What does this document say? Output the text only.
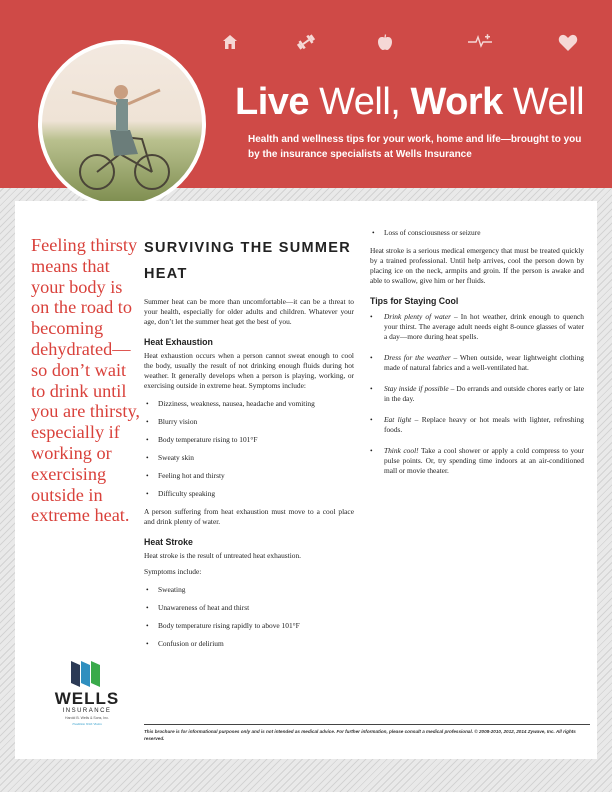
Live Well, Work Well
Health and wellness tips for your work, home and life—brought to you by the insurance specialists at Wells Insurance
Feeling thirsty means that your body is on the road to becoming dehydrated—so don’t wait to drink until you are thirsty, especially if working or exercising outside in extreme heat.
WELLS
INSURANCE
Harold B. Wells & Sons, Inc.
Tradition With Vision
SURVIVING THE SUMMER HEAT

Summer heat can be more than uncomfortable—it can be a threat to your health, especially for older adults and children. Whatever your age, don’t let the summer heat get the best of you.

Heat Exhaustion

Heat exhaustion occurs when a person cannot sweat enough to cool the body, usually the result of not drinking enough fluids during hot weather. It generally develops when a person is playing, working, or exercising outside in extreme heat. Symptoms include:

• Dizziness, weakness, nausea, headache and vomiting
• Blurry vision
• Body temperature rising to 101°F
• Sweaty skin
• Feeling hot and thirsty
• Difficulty speaking

A person suffering from heat exhaustion must move to a cool place and drink plenty of water.

Heat Stroke

Heat stroke is the result of untreated heat exhaustion.

Symptoms include:

• Sweating
• Unawareness of heat and thirst
• Body temperature rising rapidly to above 101°F
• Confusion or delirium
• Loss of consciousness or seizure

Heat stroke is a serious medical emergency that must be treated quickly by a trained professional. Until help arrives, cool the person down by placing ice on the neck, armpits and groin. If the person is awake and able to swallow, give him or her fluids.

Tips for Staying Cool
• Drink plenty of water – In hot weather, drink enough to quench your thirst. The average adult needs eight 8-ounce glasses of water a day—more during heat spells.
• Dress for the weather – When outside, wear lightweight clothing made of natural fabrics and a well-ventilated hat.
• Stay inside if possible – Do errands and outside chores early or late in the day.
• Eat light – Replace heavy or hot meals with lighter, refreshing foods.
• Think cool! Take a cool shower or apply a cold compress to your pulse points. Or, try spending time indoors at an air-conditioned mall or movie theater.
This brochure is for informational purposes only and is not intended as medical advice. For further information, please consult a medical professional. © 2008-2010, 2012, 2014 Zywave, Inc. All rights reserved.
